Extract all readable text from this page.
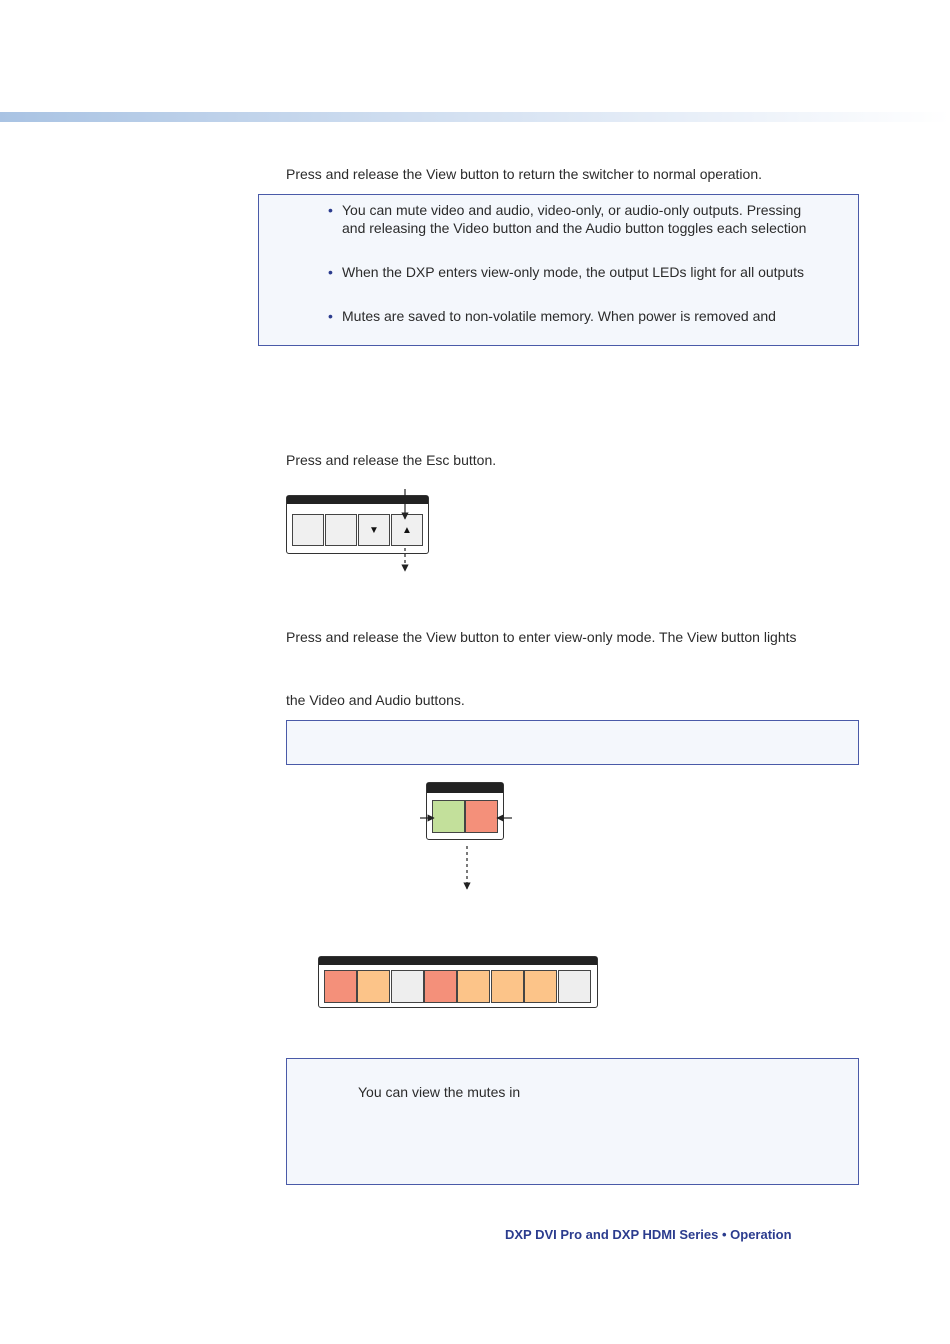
Press and release the View button to return the switcher to normal operation.
• You can mute video and audio, video-only, or audio-only outputs. Pressing
and releasing the Video button and the Audio button toggles each selection
• When the DXP enters view-only mode, the output LEDs light for all outputs
• Mutes are saved to non-volatile memory. When power is removed and
Press and release the Esc button.
▼	▲
Press and release the View button to enter view-only mode. The View button lights
the Video and Audio buttons.
You can view the mutes in
DXP DVI Pro and DXP HDMI Series • Operation
